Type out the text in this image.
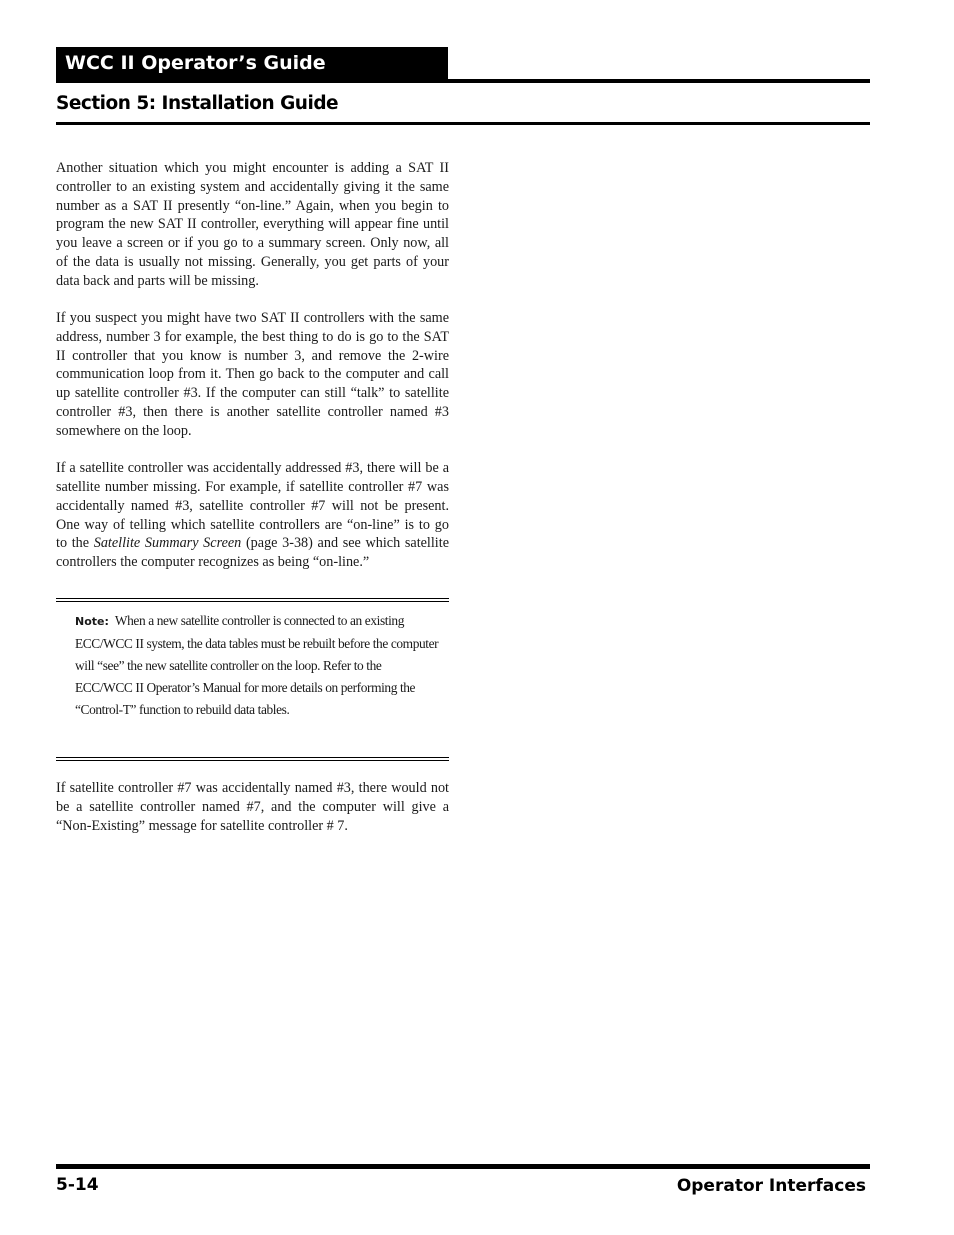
WCC II Operator’s Guide
Section 5: Installation Guide

Another situation which you might encounter is adding a SAT II controller to an existing system and accidentally giving it the same number as a SAT II presently “on-line.” Again, when you begin to program the new SAT II controller, everything will appear fine until you leave a screen or if you go to a summary screen. Only now, all of the data is usually not missing. Generally, you get parts of your data back and parts will be missing.

If you suspect you might have two SAT II controllers with the same address, number 3 for example, the best thing to do is go to the SAT II controller that you know is number 3, and remove the 2-wire communication loop from it. Then go back to the computer and call up satellite controller #3. If the computer can still “talk” to satellite controller #3, then there is another satellite controller named #3 somewhere on the loop.

If a satellite controller was accidentally addressed #3, there will be a satellite number missing. For example, if satellite controller #7 was accidentally named #3, satellite controller #7 will not be present. One way of telling which satellite controllers are “on-line” is to go to the Satellite Summary Screen (page 3-38) and see which satellite controllers the computer recognizes as being “on-line.”

Note: When a new satellite controller is connected to an existing ECC/WCC II system, the data tables must be rebuilt before the computer will “see” the new satellite controller on the loop. Refer to the ECC/WCC II Operator’s Manual for more details on performing the “Control-T” function to rebuild data tables.

If satellite controller #7 was accidentally named #3, there would not be a satellite controller named #7, and the computer will give a “Non-Existing” message for satellite controller # 7.

5-14	Operator Interfaces
